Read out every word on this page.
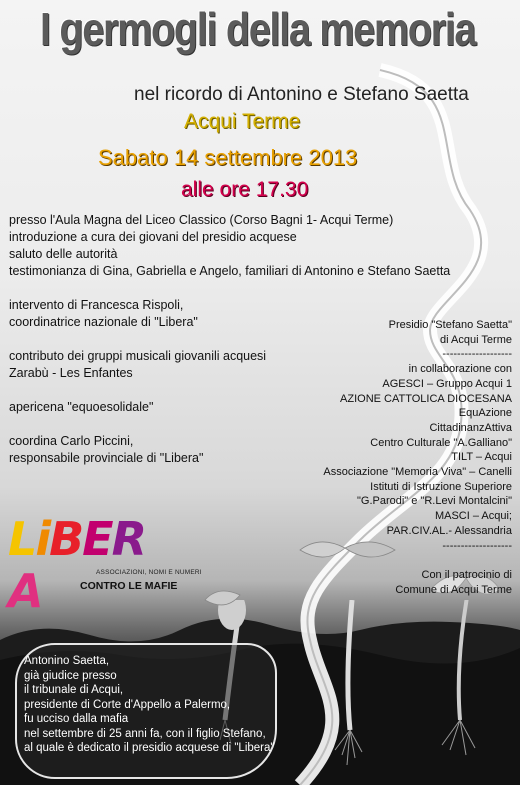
I germogli della memoria
nel ricordo di Antonino e Stefano Saetta
Acqui Terme
Sabato 14 settembre 2013
alle ore 17.30
presso l'Aula Magna del Liceo Classico (Corso Bagni 1- Acqui Terme)
introduzione a cura dei giovani del presidio acquese
saluto delle autorità
testimonianza di Gina, Gabriella e Angelo, familiari di Antonino e Stefano Saetta
intervento di Francesca Rispoli,
coordinatrice nazionale di "Libera"
contributo dei gruppi musicali giovanili acquesi
Zarabù - Les Enfantes
apericena "equoesolidale"
coordina Carlo Piccini,
responsabile provinciale di "Libera"
Presidio "Stefano Saetta"
di Acqui Terme
-------------------
in collaborazione con
AGESCI – Gruppo Acqui 1
AZIONE CATTOLICA DIOCESANA
EquAzione
CittadinanzAttiva
Centro Culturale "A.Galliano"
TILT – Acqui
Associazione "Memoria Viva" – Canelli
Istituti di Istruzione Superiore
"G.Parodi" e "R.Levi Montalcini"
MASCI – Acqui;
PAR.CIV.AL.- Alessandria
-------------------
Con il patrocinio di
Comune di Acqui Terme
LiBERA	ASSOCIAZIONI, NOMI E NUMERI
CONTRO LE MAFIE
Antonino Saetta,
già giudice presso
il tribunale di Acqui,
presidente di Corte d'Appello a Palermo,
fu ucciso dalla mafia
nel settembre di 25 anni fa, con il figlio Stefano,
al quale è dedicato il presidio acquese di "Libera"
